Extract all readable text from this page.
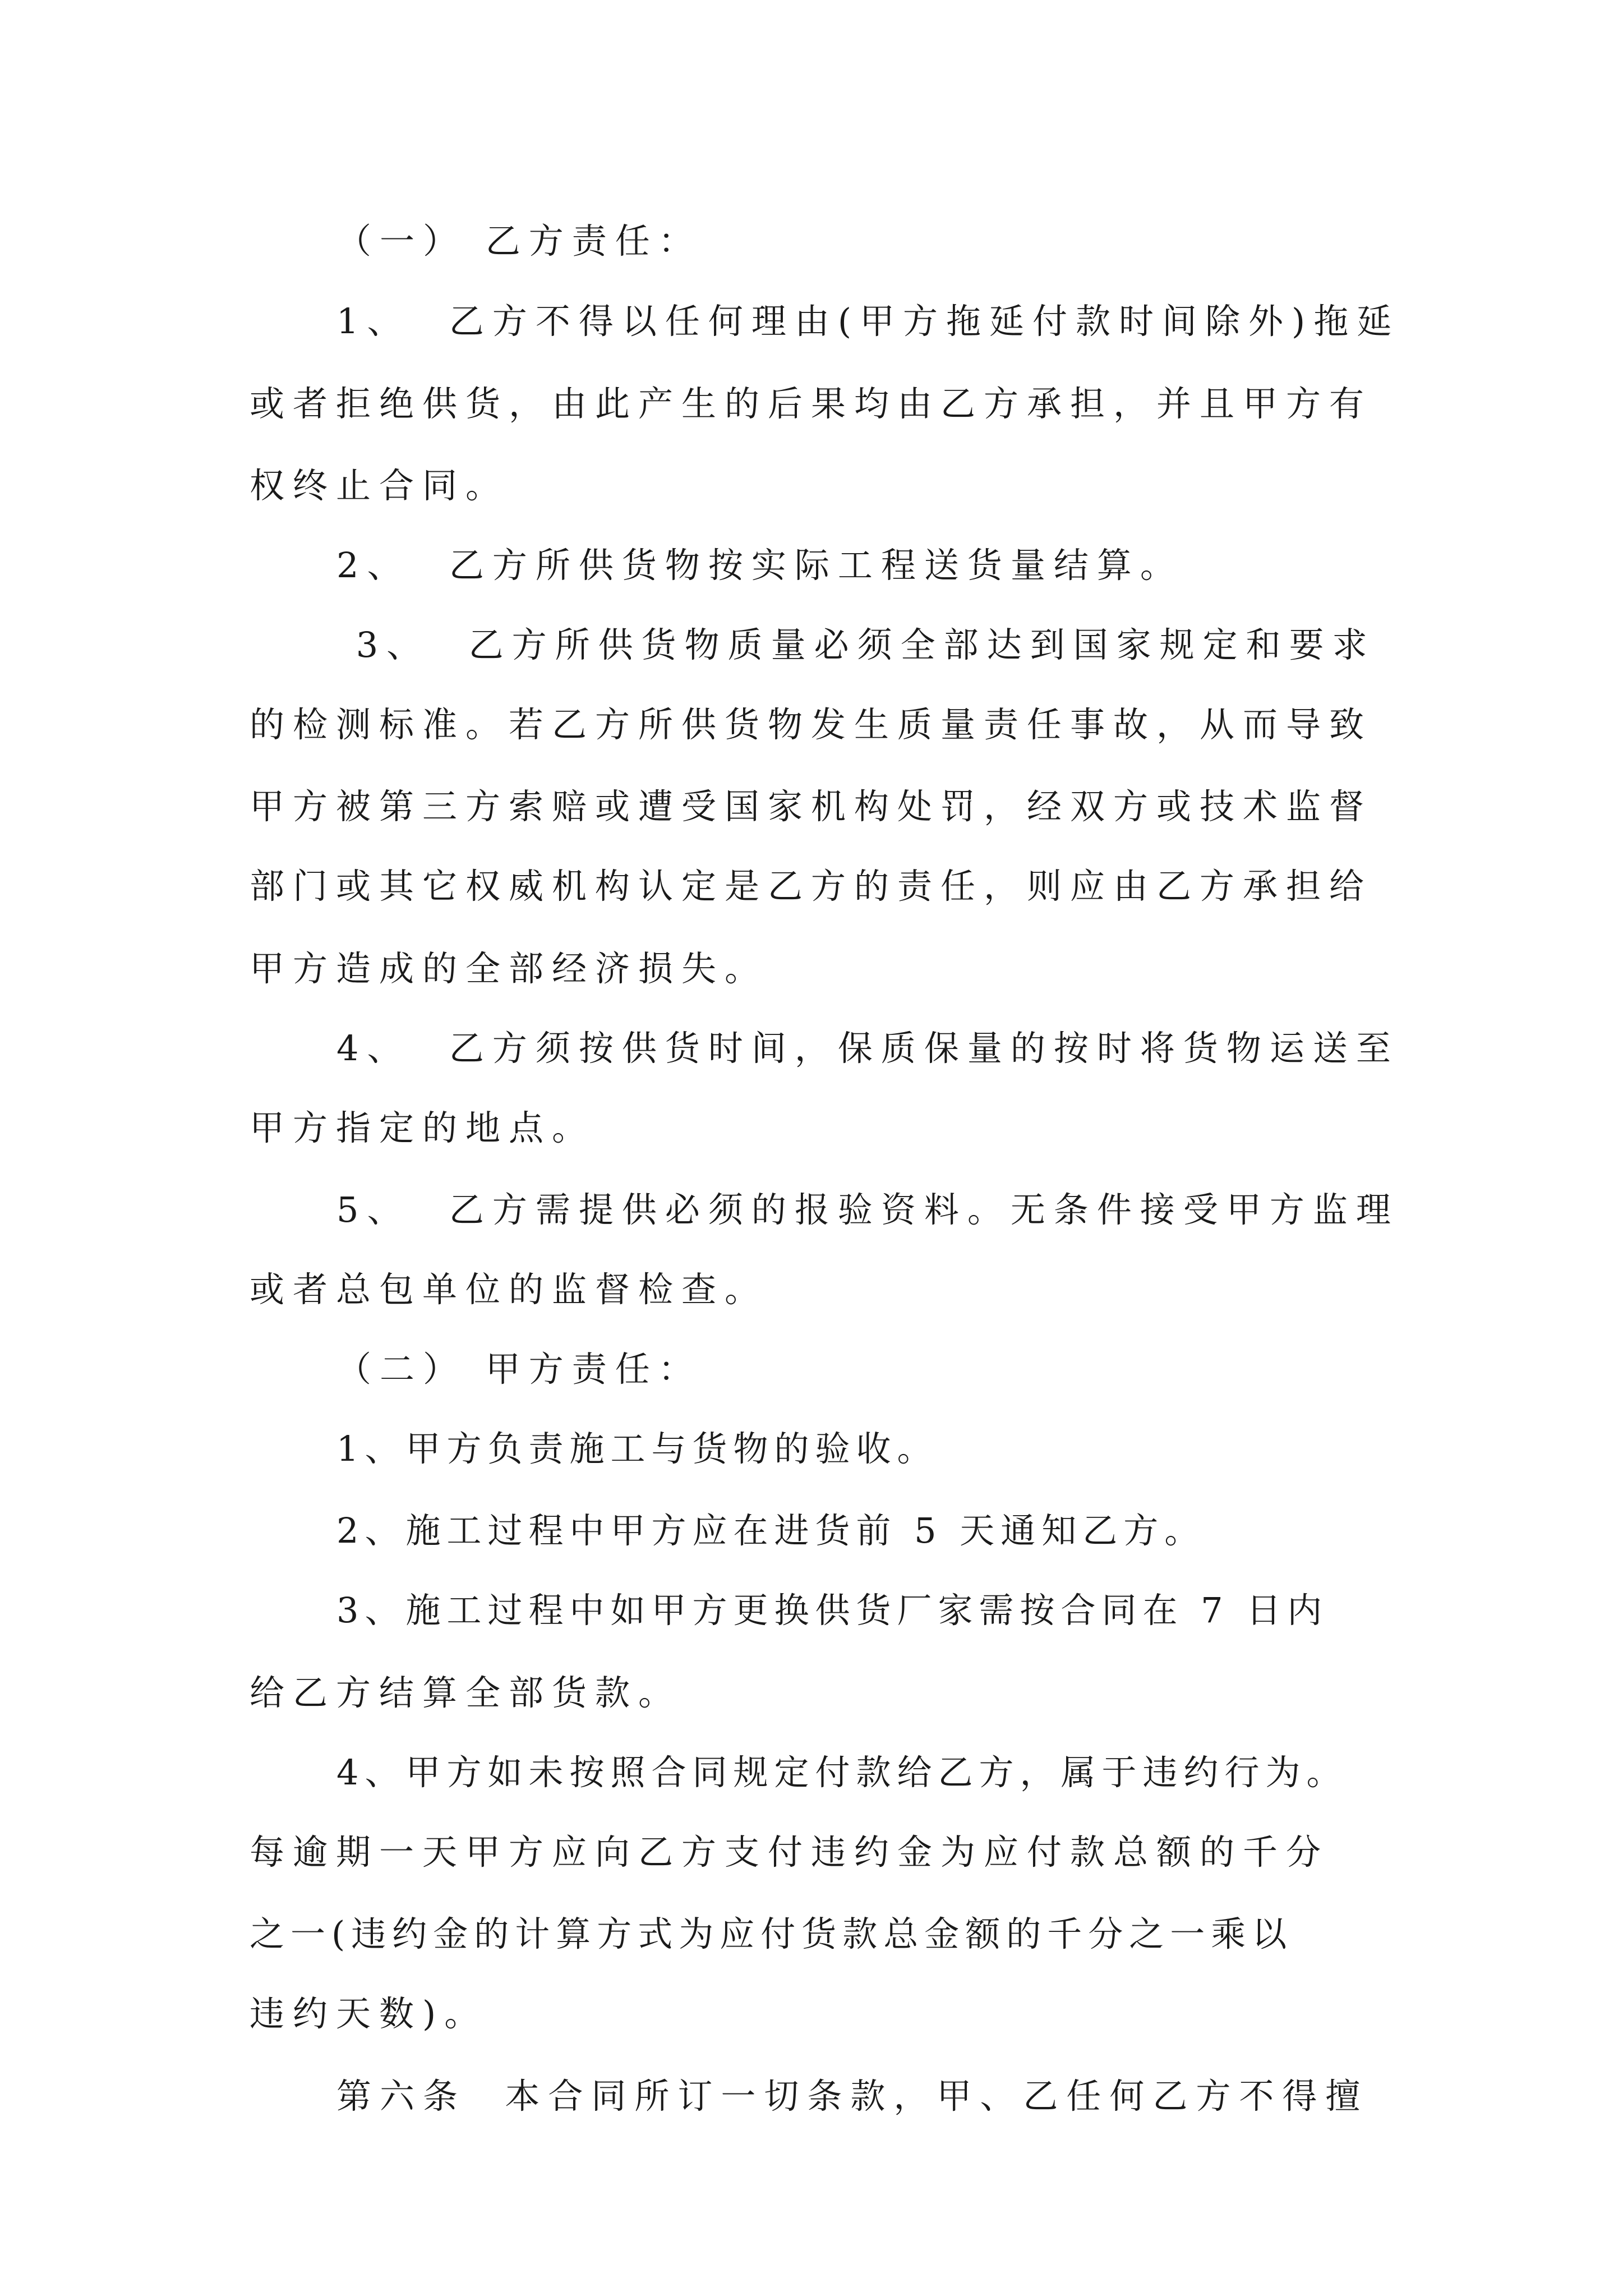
（一） 乙方责任：
1、  乙方不得以任何理由(甲方拖延付款时间除外)拖延
或者拒绝供货，由此产生的后果均由乙方承担，并且甲方有
权终止合同。
2、  乙方所供货物按实际工程送货量结算。
3、  乙方所供货物质量必须全部达到国家规定和要求
的检测标准。若乙方所供货物发生质量责任事故，从而导致
甲方被第三方索赔或遭受国家机构处罚，经双方或技术监督
部门或其它权威机构认定是乙方的责任，则应由乙方承担给
甲方造成的全部经济损失。
4、  乙方须按供货时间，保质保量的按时将货物运送至
甲方指定的地点。
5、  乙方需提供必须的报验资料。无条件接受甲方监理
或者总包单位的监督检查。
（二） 甲方责任：
1、甲方负责施工与货物的验收。
2、施工过程中甲方应在进货前 5 天通知乙方。
3、施工过程中如甲方更换供货厂家需按合同在 7 日内
给乙方结算全部货款。
4、甲方如未按照合同规定付款给乙方，属于违约行为。
每逾期一天甲方应向乙方支付违约金为应付款总额的千分
之一(违约金的计算方式为应付货款总金额的千分之一乘以
违约天数)。
第六条  本合同所订一切条款，甲、乙任何乙方不得擅
